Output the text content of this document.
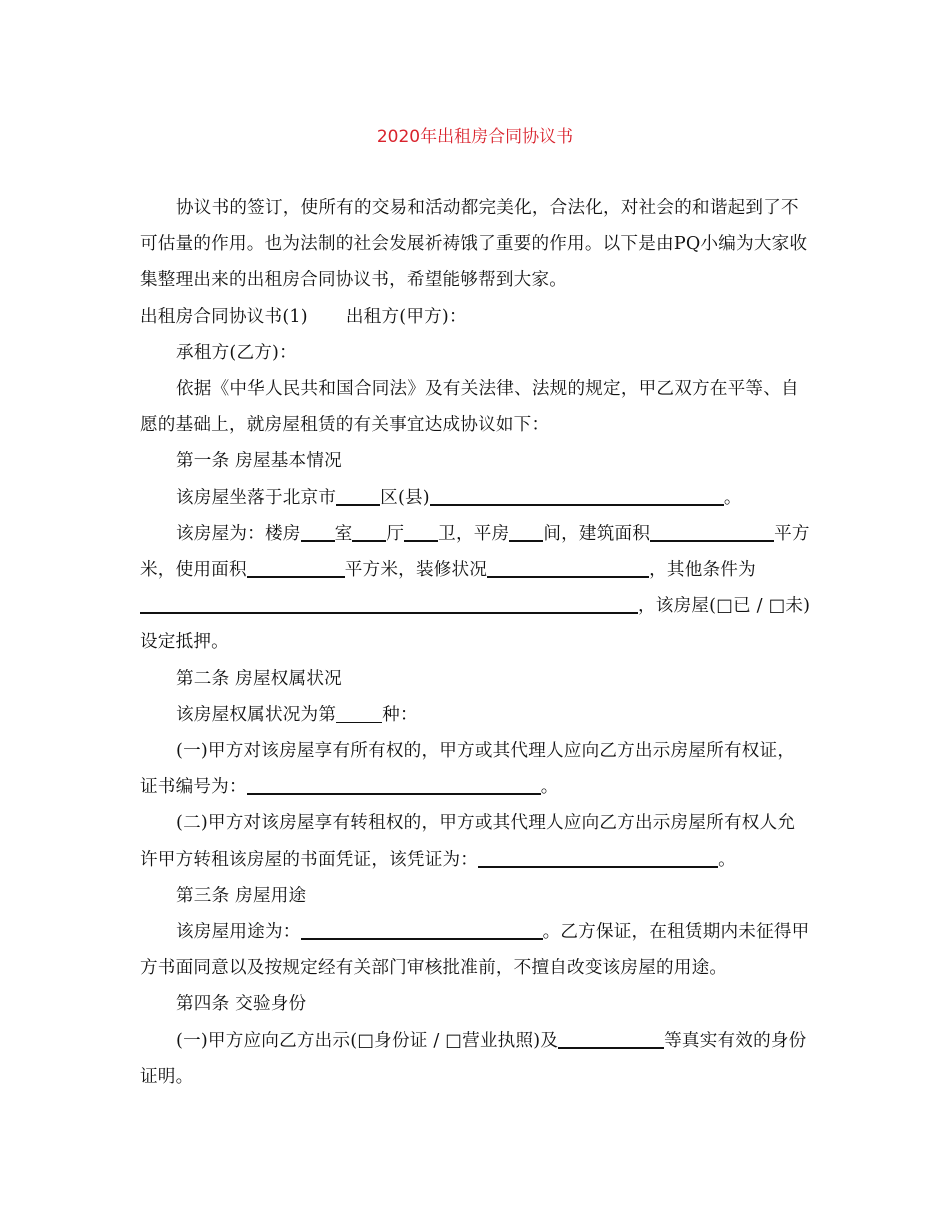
2020年出租房合同协议书

协议书的签订，使所有的交易和活动都完美化，合法化，对社会的和谐起到了不可估量的作用。也为法制的社会发展祈祷饿了重要的作用。以下是由PQ小编为大家收集整理出来的出租房合同协议书，希望能够帮到大家。

出租房合同协议书(1) 出租方(甲方)：

承租方(乙方)：

依据《中华人民共和国合同法》及有关法律、法规的规定，甲乙双方在平等、自愿的基础上，就房屋租赁的有关事宜达成协议如下：

第一条 房屋基本情况

该房屋坐落于北京市	区(县)	。

该房屋为：楼房 室 厅 卫，平房 间，建筑面积	平方米，使用面积	平方米，装修状况	，其他条件为，该房屋(□已 / □未)设定抵押。

第二条 房屋权属状况

该房屋权属状况为第	种：

(一)甲方对该房屋享有所有权的，甲方或其代理人应向乙方出示房屋所有权证，证书编号为：	。

(二)甲方对该房屋享有转租权的，甲方或其代理人应向乙方出示房屋所有权人允许甲方转租该房屋的书面凭证，该凭证为：	。

第三条 房屋用途

该房屋用途为：	。乙方保证，在租赁期内未征得甲方书面同意以及按规定经有关部门审核批准前，不擅自改变该房屋的用途。

第四条 交验身份

(一)甲方应向乙方出示(□身份证 / □营业执照)及	等真实有效的身份证明。
